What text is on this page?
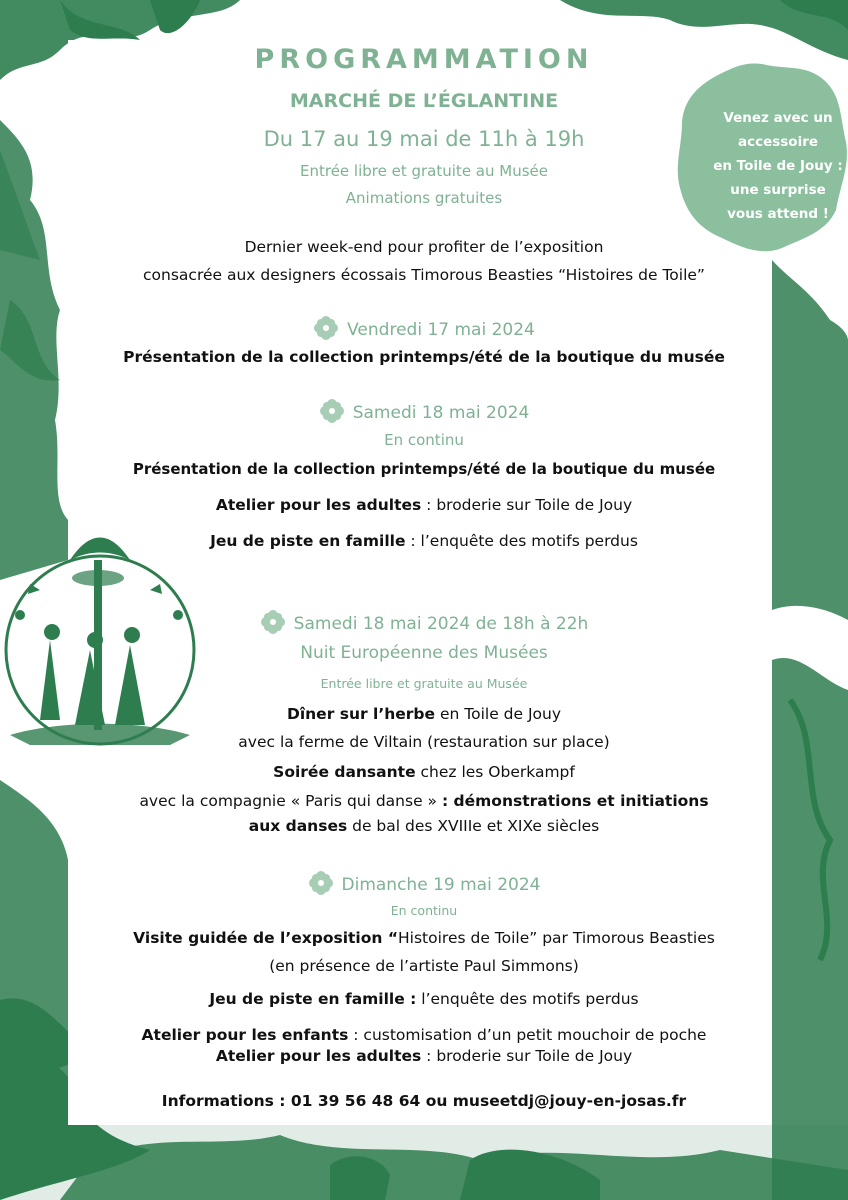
Venez avec un
accessoire
en Toile de Jouy :
une surprise
vous attend !
PROGRAMMATION
MARCHÉ DE L’ÉGLANTINE
Du 17 au 19 mai de 11h à 19h
Entrée libre et gratuite au Musée
Animations gratuites
Dernier week-end pour profiter de l’exposition
consacrée aux designers écossais Timorous Beasties “Histoires de Toile”
Vendredi 17 mai 2024
Présentation de la collection printemps/été de la boutique du musée
Samedi 18 mai 2024
En continu
Présentation de la collection printemps/été de la boutique du musée
Atelier pour les adultes : broderie sur Toile de Jouy
Jeu de piste en famille : l’enquête des motifs perdus
Samedi 18 mai 2024 de 18h à 22h
Nuit Européenne des Musées
Entrée libre et gratuite au Musée
Dîner sur l’herbe en Toile de Jouy
avec la ferme de Viltain (restauration sur place)
Soirée dansante chez les Oberkampf
avec la compagnie « Paris qui danse » : démonstrations et initiations
aux danses de bal des XVIIIe et XIXe siècles
Dimanche 19 mai 2024
En continu
Visite guidée de l’exposition “Histoires de Toile” par Timorous Beasties
(en présence de l’artiste Paul Simmons)
Jeu de piste en famille : l’enquête des motifs perdus
Atelier pour les enfants : customisation d’un petit mouchoir de poche
Atelier pour les adultes : broderie sur Toile de Jouy
Informations : 01 39 56 48 64 ou museetdj@jouy-en-josas.fr
